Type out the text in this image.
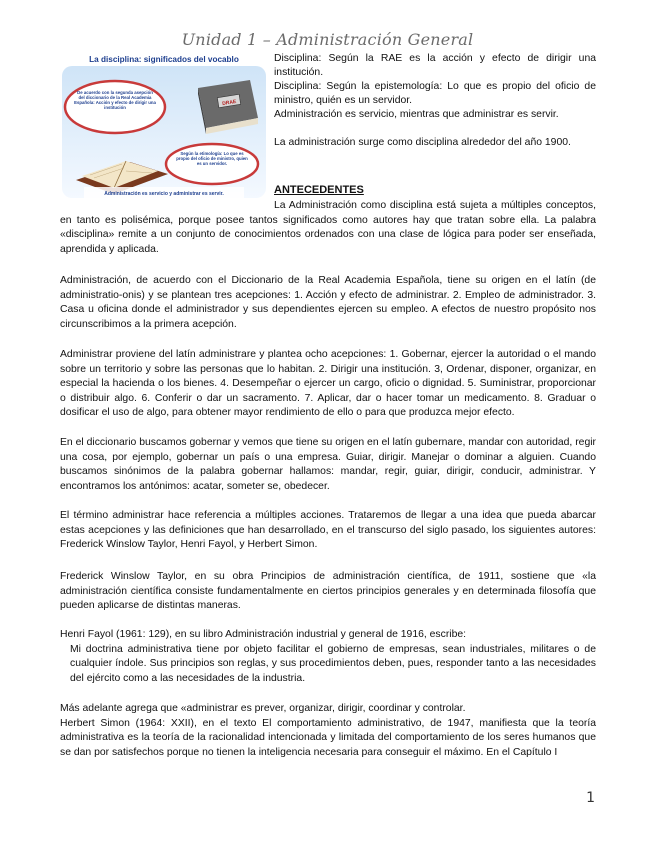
Unidad 1 – Administración General
La disciplina: significados del vocablo
De acuerdo con la segunda asepción del diccionario de la Real Academia Española: Acción y efecto de dirigir una institución
DRAE
Según la etimología: Lo que es propio del oficio de ministro, quien es un servidor.
Administración es servicio y administrar es servir.

Disciplina: Según la RAE es la acción y efecto de dirigir una institución.

Disciplina: Según la epistemología: Lo que es propio del oficio de ministro, quién es un servidor.

Administración es servicio, mientras que administrar es servir.

La administración surge como disciplina alrededor del año 1900.

ANTECEDENTES

La Administración como disciplina está sujeta a múltiples conceptos, en tanto es polisémica, porque posee tantos significados como autores hay que tratan sobre ella. La palabra «disciplina» remite a un conjunto de conocimientos ordenados con una clase de lógica para poder ser enseñada, aprendida y aplicada.

Administración, de acuerdo con el Diccionario de la Real Academia Española, tiene su origen en el latín (de administratio-onis) y se plantean tres acepciones: 1. Acción y efecto de administrar. 2. Empleo de administrador. 3. Casa u oficina donde el administrador y sus dependientes ejercen su empleo. A efectos de nuestro propósito nos circunscribimos a la primera acepción.

Administrar proviene del latín administrare y plantea ocho acepciones: 1. Gobernar, ejercer la autoridad o el mando sobre un territorio y sobre las personas que lo habitan. 2. Dirigir una institución. 3, Ordenar, disponer, organizar, en especial la hacienda o los bienes. 4. Desempeñar o ejercer un cargo, oficio o dignidad. 5. Suministrar, proporcionar o distribuir algo. 6. Conferir o dar un sacramento. 7. Aplicar, dar o hacer tomar un medicamento. 8. Graduar o dosificar el uso de algo, para obtener mayor rendimiento de ello o para que produzca mejor efecto.

En el diccionario buscamos gobernar y vemos que tiene su origen en el latín gubernare, mandar con autoridad, regir una cosa, por ejemplo, gobernar un país o una empresa. Guiar, dirigir. Manejar o dominar a alguien. Cuando buscamos sinónimos de la palabra gobernar hallamos: mandar, regir, guiar, dirigir, conducir, administrar. Y encontramos los antónimos: acatar, someter se, obedecer.

El término administrar hace referencia a múltiples acciones. Trataremos de llegar a una idea que pueda abarcar estas acepciones y las definiciones que han desarrollado, en el transcurso del siglo pasado, los siguientes autores: Frederick Winslow Taylor, Henri Fayol, y Herbert Simon.

Frederick Winslow Taylor, en su obra Principios de administración científica, de 1911, sostiene que «la administración científica consiste fundamentalmente en ciertos principios generales y en determinada filosofía que pueden aplicarse de distintas maneras.

Henri Fayol (1961: 129), en su libro Administración industrial y general de 1916, escribe:

Mi doctrina administrativa tiene por objeto facilitar el gobierno de empresas, sean industriales, militares o de cualquier índole. Sus principios son reglas, y sus procedimientos deben, pues, responder tanto a las necesidades del ejército como a las necesidades de la industria.

Más adelante agrega que «administrar es prever, organizar, dirigir, coordinar y controlar.

Herbert Simon (1964: XXII), en el texto El comportamiento administrativo, de 1947, manifiesta que la teoría administrativa es la teoría de la racionalidad intencionada y limitada del comportamiento de los seres humanos que se dan por satisfechos porque no tienen la inteligencia necesaria para conseguir el máximo. En el Capítulo I

1
